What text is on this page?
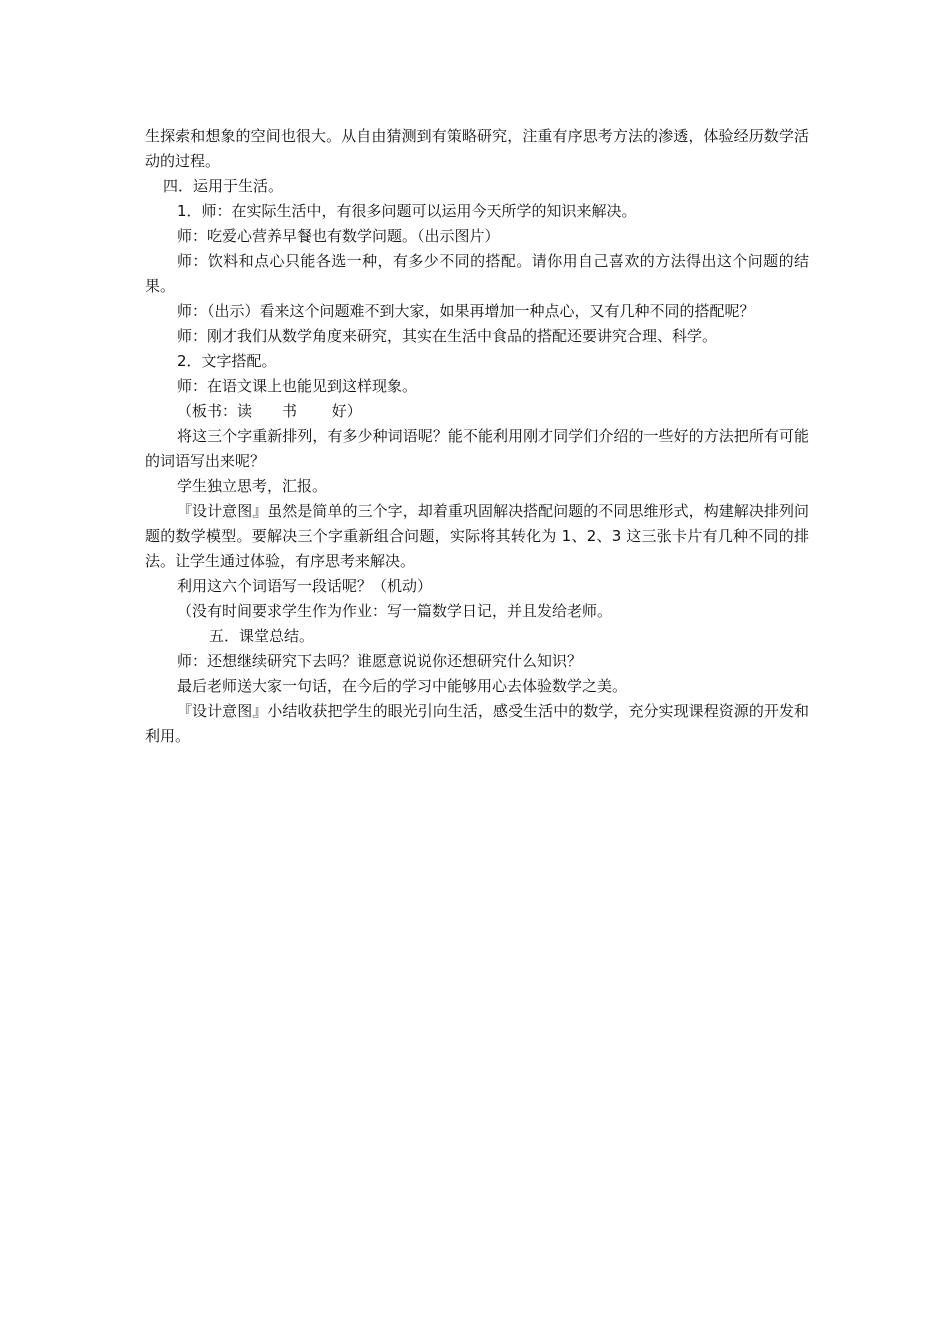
生探索和想象的空间也很大。从自由猜测到有策略研究，注重有序思考方法的渗透，体验经历数学活动的过程。

四．运用于生活。

1．师：在实际生活中，有很多问题可以运用今天所学的知识来解决。

师：吃爱心营养早餐也有数学问题。（出示图片）

师：饮料和点心只能各选一种，有多少不同的搭配。请你用自己喜欢的方法得出这个问题的结果。

师：（出示）看来这个问题难不到大家，如果再增加一种点心，又有几种不同的搭配呢？

师：刚才我们从数学角度来研究，其实在生活中食品的搭配还要讲究合理、科学。

2．文字搭配。

师：在语文课上也能见到这样现象。

（板书：读　　书　　 好）

将这三个字重新排列，有多少种词语呢？能不能利用刚才同学们介绍的一些好的方法把所有可能的词语写出来呢？

学生独立思考，汇报。

『设计意图』虽然是简单的三个字，却着重巩固解决搭配问题的不同思维形式，构建解决排列问题的数学模型。要解决三个字重新组合问题，实际将其转化为 1、2、3 这三张卡片有几种不同的排法。让学生通过体验，有序思考来解决。

利用这六个词语写一段话呢？（机动）

（没有时间要求学生作为作业：写一篇数学日记，并且发给老师。

五．课堂总结。

师：还想继续研究下去吗？谁愿意说说你还想研究什么知识？

最后老师送大家一句话，在今后的学习中能够用心去体验数学之美。

『设计意图』小结收获把学生的眼光引向生活，感受生活中的数学，充分实现课程资源的开发和利用。
